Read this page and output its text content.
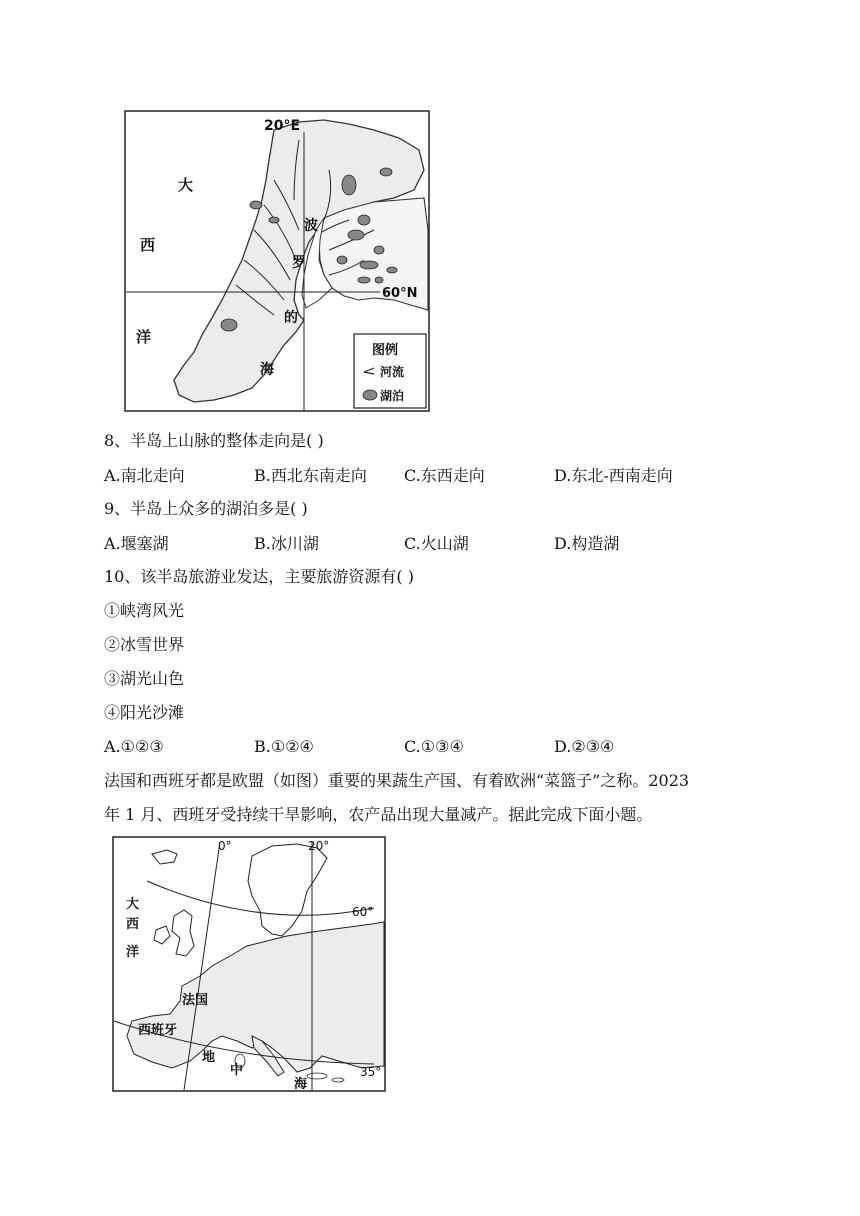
20°E
60°N
大
西
洋
波
罗
的
海
图例
河流
湖泊
8、半岛上山脉的整体走向是( )
A.南北走向	B.西北东南走向 C.东西走向	D.东北-西南走向
9、半岛上众多的湖泊多是( )
A.堰塞湖	B.冰川湖	C.火山湖	D.构造湖
10、该半岛旅游业发达，主要旅游资源有( )
①峡湾风光
②冰雪世界
③湖光山色
④阳光沙滩
A.①②③	B.①②④	C.①③④	D.②③④
法国和西班牙都是欧盟（如图）重要的果蔬生产国、有着欧洲“菜篮子”之称。2023
年 1 月、西班牙受持续干旱影响，农产品出现大量减产。据此完成下面小题。
0°	20°
60°
35°
大
西
洋
法国
西班牙
地
中
海
